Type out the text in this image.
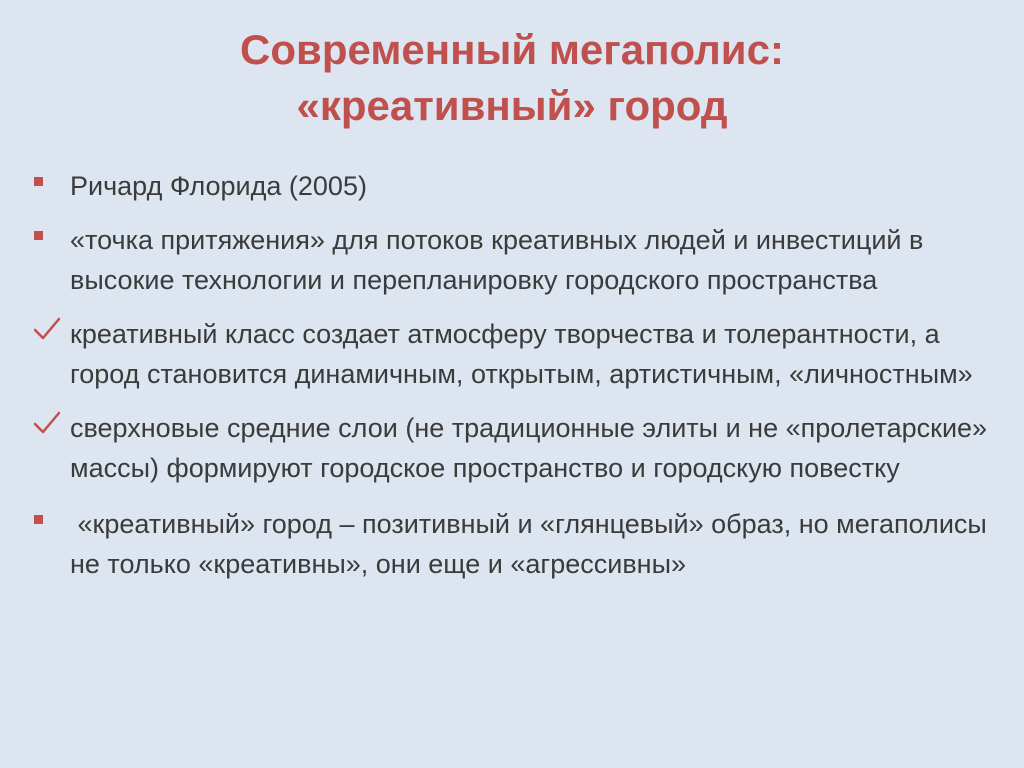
Современный мегаполис:
«креативный» город
Ричард Флорида (2005)
«точка притяжения» для потоков креативных людей и инвестиций в высокие технологии и перепланировку городского пространства
креативный класс создает атмосферу творчества и толерантности, а город становится динамичным, открытым, артистичным, «личностным»
сверхновые средние слои (не традиционные элиты и не «пролетарские» массы) формируют городское пространство и городскую повестку
«креативный» город – позитивный и «глянцевый» образ, но мегаполисы не только «креативны», они еще и «агрессивны»
